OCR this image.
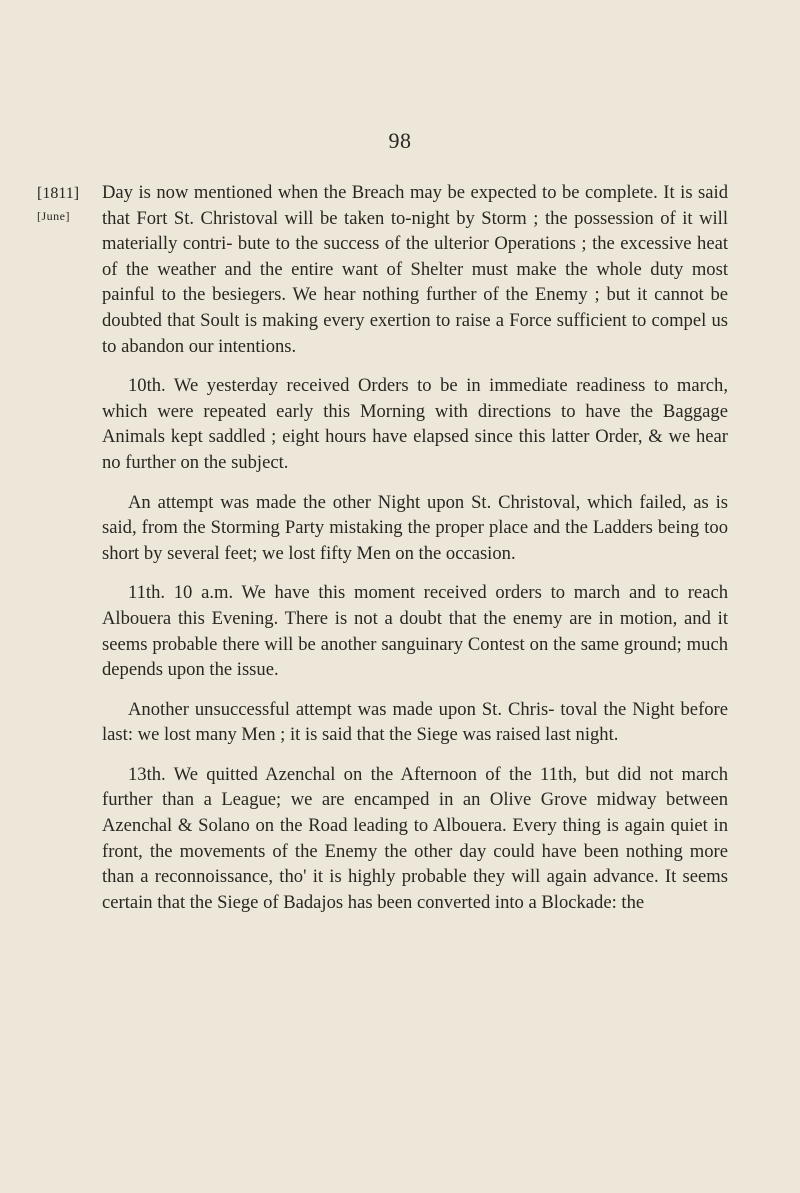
98
[1811]
[June]

Day is now mentioned when the Breach may be expected to be complete. It is said that Fort St. Christoval will be taken to-night by Storm ; the possession of it will materially contri- bute to the success of the ulterior Operations ; the excessive heat of the weather and the entire want of Shelter must make the whole duty most painful to the besiegers. We hear nothing further of the Enemy ; but it cannot be doubted that Soult is making every exertion to raise a Force sufficient to compel us to abandon our intentions.

10th. We yesterday received Orders to be in immediate readiness to march, which were repeated early this Morning with directions to have the Baggage Animals kept saddled ; eight hours have elapsed since this latter Order, & we hear no further on the subject.

An attempt was made the other Night upon St. Christoval, which failed, as is said, from the Storming Party mistaking the proper place and the Ladders being too short by several feet; we lost fifty Men on the occasion.

11th. 10 a.m. We have this moment received orders to march and to reach Albouera this Evening. There is not a doubt that the enemy are in motion, and it seems probable there will be another sanguinary Contest on the same ground; much depends upon the issue.

Another unsuccessful attempt was made upon St. Chris- toval the Night before last: we lost many Men ; it is said that the Siege was raised last night.

13th. We quitted Azenchal on the Afternoon of the 11th, but did not march further than a League; we are encamped in an Olive Grove midway between Azenchal & Solano on the Road leading to Albouera. Every thing is again quiet in front, the movements of the Enemy the other day could have been nothing more than a reconnoissance, tho' it is highly probable they will again advance. It seems certain that the Siege of Badajos has been converted into a Blockade: the
